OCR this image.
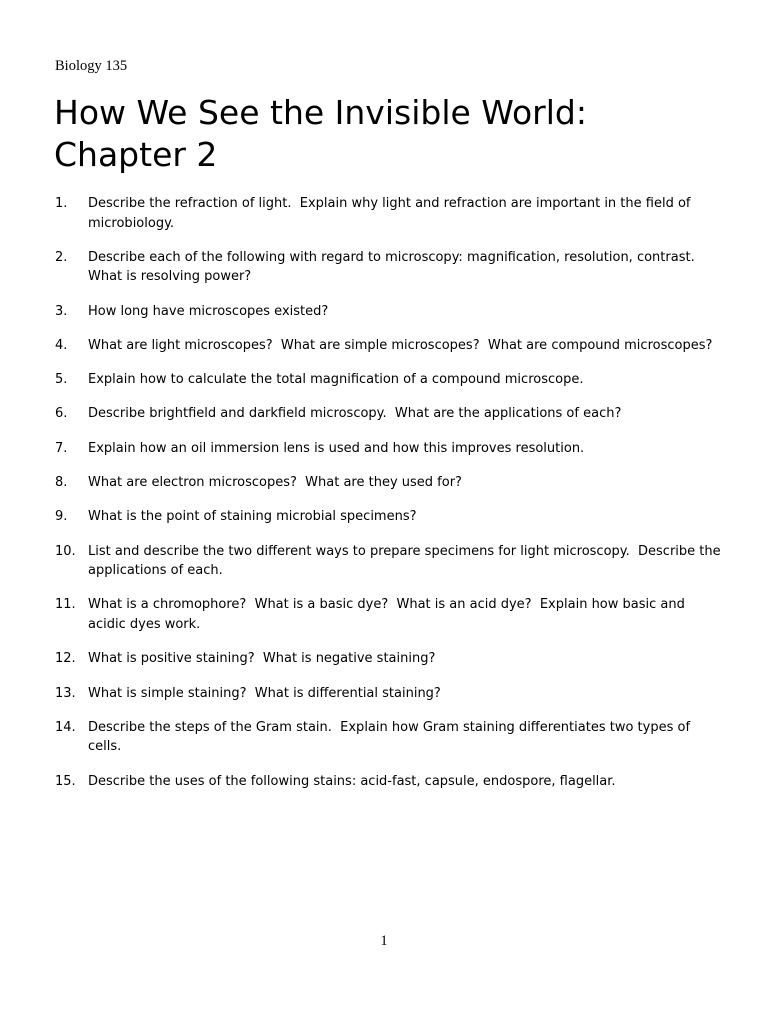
Biology 135
How We See the Invisible World:
Chapter 2
1.	Describe the refraction of light.  Explain why light and refraction are important in the field of microbiology.
2.	Describe each of the following with regard to microscopy: magnification, resolution, contrast.  What is resolving power?
3.	How long have microscopes existed?
4.	What are light microscopes?  What are simple microscopes?  What are compound microscopes?
5.	Explain how to calculate the total magnification of a compound microscope.
6.	Describe brightfield and darkfield microscopy.  What are the applications of each?
7.	Explain how an oil immersion lens is used and how this improves resolution.
8.	What are electron microscopes?  What are they used for?
9.	What is the point of staining microbial specimens?
10. List and describe the two different ways to prepare specimens for light microscopy.  Describe the applications of each.
11. What is a chromophore?  What is a basic dye?  What is an acid dye?  Explain how basic and acidic dyes work.
12. What is positive staining?  What is negative staining?
13. What is simple staining?  What is differential staining?
14. Describe the steps of the Gram stain.  Explain how Gram staining differentiates two types of cells.
15. Describe the uses of the following stains: acid-fast, capsule, endospore, flagellar.
1
